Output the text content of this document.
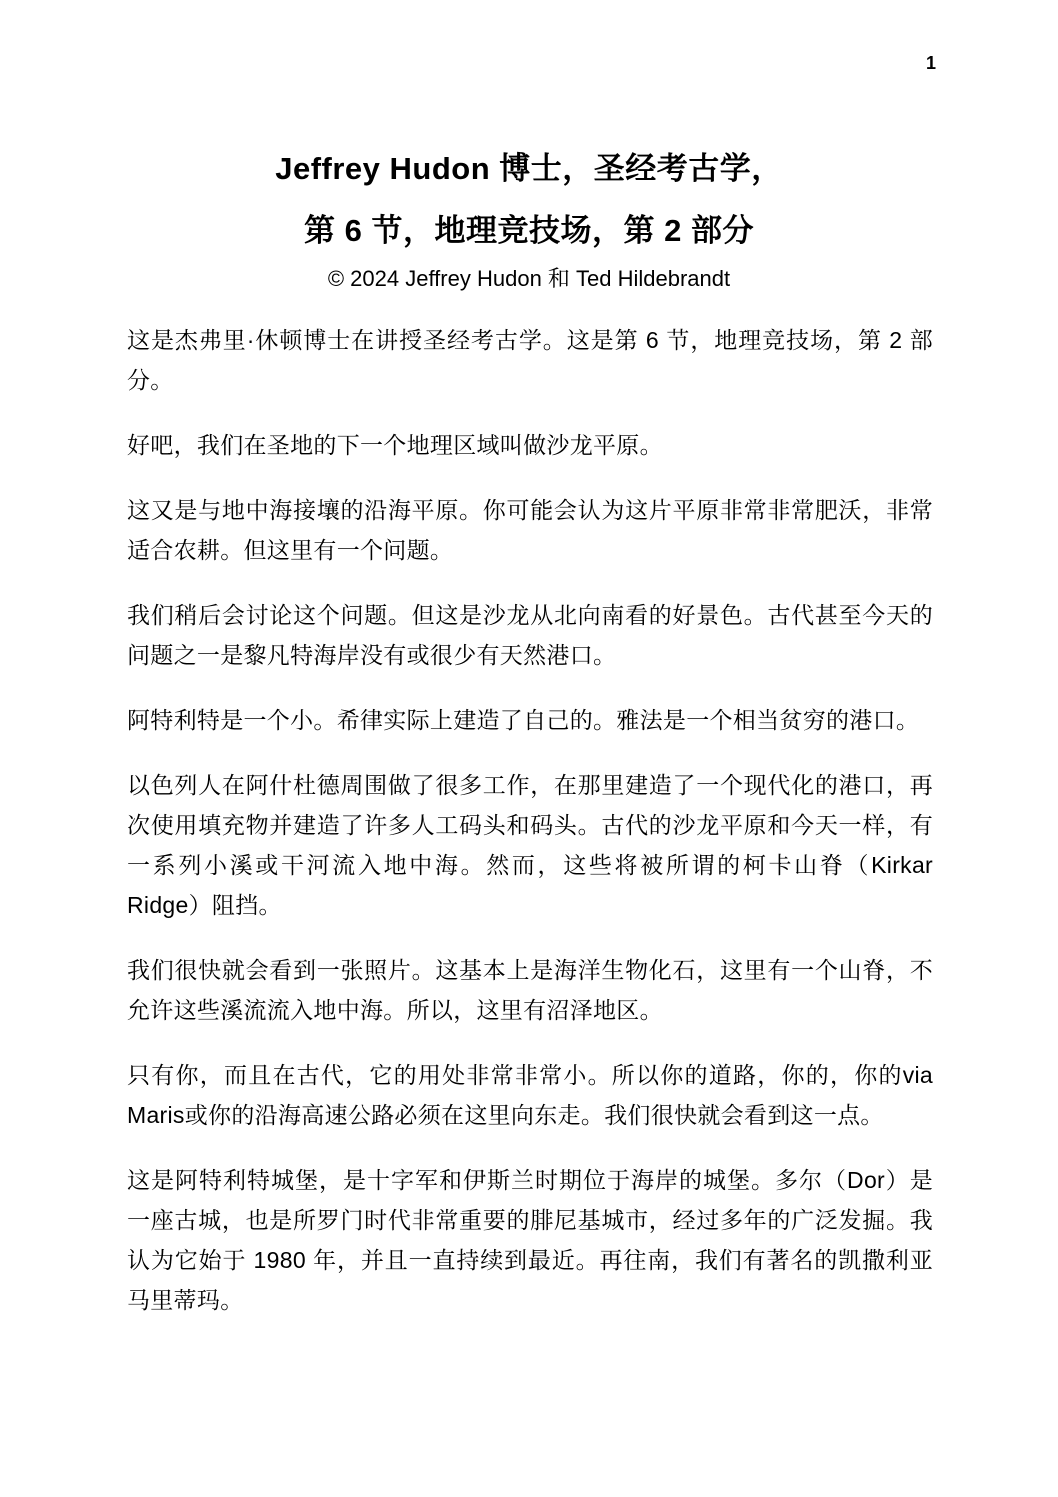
1
Jeffrey Hudon 博士，圣经考古学，
第 6 节，地理竞技场，第 2 部分
© 2024 Jeffrey Hudon 和 Ted Hildebrandt

这是杰弗里·休顿博士在讲授圣经考古学。这是第 6 节，地理竞技场，第 2 部分。

好吧，我们在圣地的下一个地理区域叫做沙龙平原。

这又是与地中海接壤的沿海平原。你可能会认为这片平原非常非常肥沃，非常适合农耕。但这里有一个问题。

我们稍后会讨论这个问题。但这是沙龙从北向南看的好景色。古代甚至今天的问题之一是黎凡特海岸没有或很少有天然港口。

阿特利特是一个小。希律实际上建造了自己的。雅法是一个相当贫穷的港口。

以色列人在阿什杜德周围做了很多工作，在那里建造了一个现代化的港口，再次使用填充物并建造了许多人工码头和码头。古代的沙龙平原和今天一样，有一系列小溪或干河流入地中海。然而，这些将被所谓的柯卡山脊（Kirkar Ridge）阻挡。

我们很快就会看到一张照片。这基本上是海洋生物化石，这里有一个山脊，不允许这些溪流流入地中海。所以，这里有沼泽地区。

只有你，而且在古代，它的用处非常非常小。所以你的道路，你的，你的via Maris或你的沿海高速公路必须在这里向东走。我们很快就会看到这一点。

这是阿特利特城堡，是十字军和伊斯兰时期位于海岸的城堡。多尔（Dor）是一座古城，也是所罗门时代非常重要的腓尼基城市，经过多年的广泛发掘。我认为它始于 1980 年，并且一直持续到最近。再往南，我们有著名的凯撒利亚马里蒂玛。
